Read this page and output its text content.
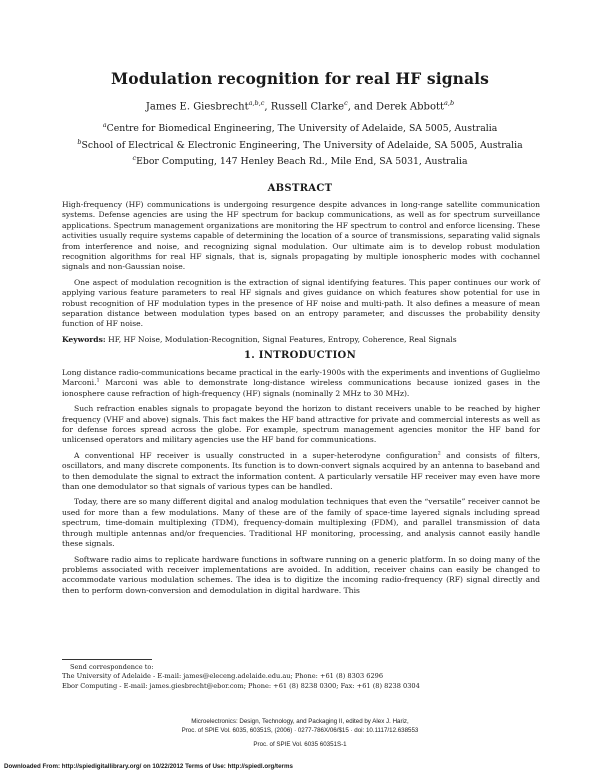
Modulation recognition for real HF signals
James E. Giesbrecht$^{a,b,c}$, Russell Clarke$^c$, and Derek Abbott$^{a,b}$
$^a$Centre for Biomedical Engineering, The University of Adelaide, SA 5005, Australia
$^b$School of Electrical & Electronic Engineering, The University of Adelaide, SA 5005, Australia
$^c$Ebor Computing, 147 Henley Beach Rd., Mile End, SA 5031, Australia
ABSTRACT

High-frequency (HF) communications is undergoing resurgence despite advances in long-range satellite communication systems. Defense agencies are using the HF spectrum for backup communications, as well as for spectrum surveillance applications. Spectrum management organizations are monitoring the HF spectrum to control and enforce licensing. These activities usually require systems capable of determining the location of a source of transmissions, separating valid signals from interference and noise, and recognizing signal modulation. Our ultimate aim is to develop robust modulation recognition algorithms for real HF signals, that is, signals propagating by multiple ionospheric modes with cochannel signals and non-Gaussian noise.

One aspect of modulation recognition is the extraction of signal identifying features. This paper continues our work of applying various feature parameters to real HF signals and gives guidance on which features show potential for use in robust recognition of HF modulation types in the presence of HF noise and multi-path. It also defines a measure of mean separation distance between modulation types based on an entropy parameter, and discusses the probability density function of HF noise.

Keywords: HF, HF Noise, Modulation-Recognition, Signal Features, Entropy, Coherence, Real Signals

1. INTRODUCTION

Long distance radio-communications became practical in the early-1900s with the experiments and inventions of Guglielmo Marconi.$^1$ Marconi was able to demonstrate long-distance wireless communications because ionized gases in the ionosphere cause refraction of high-frequency (HF) signals (nominally 2 MHz to 30 MHz).

Such refraction enables signals to propagate beyond the horizon to distant receivers unable to be reached by higher frequency (VHF and above) signals. This fact makes the HF band attractive for private and commercial interests as well as for defense forces spread across the globe. For example, spectrum management agencies monitor the HF band for unlicensed operators and military agencies use the HF band for communications.

A conventional HF receiver is usually constructed in a super-heterodyne configuration$^2$ and consists of filters, oscillators, and many discrete components. Its function is to down-convert signals acquired by an antenna to baseband and to then demodulate the signal to extract the information content. A particularly versatile HF receiver may even have more than one demodulator so that signals of various types can be handled.

Today, there are so many different digital and analog modulation techniques that even the “versatile” receiver cannot be used for more than a few modulations. Many of these are of the family of space-time layered signals including spread spectrum, time-domain multiplexing (TDM), frequency-domain multiplexing (FDM), and parallel transmission of data through multiple antennas and/or frequencies. Traditional HF monitoring, processing, and analysis cannot easily handle these signals.

Software radio aims to replicate hardware functions in software running on a generic platform. In so doing many of the problems associated with receiver implementations are avoided. In addition, receiver chains can easily be changed to accommodate various modulation schemes. The idea is to digitize the incoming radio-frequency (RF) signal directly and then to perform down-conversion and demodulation in digital hardware. This

Send correspondence to:
The University of Adelaide - E-mail: james@eleceng.adelaide.edu.au; Phone: +61 (8) 8303 6296
Ebor Computing - E-mail: james.giesbrecht@ebor.com; Phone: +61 (8) 8238 0300; Fax: +61 (8) 8238 0304
Microelectronics: Design, Technology, and Packaging II, edited by Alex J. Hariz,
Proc. of SPIE Vol. 6035, 60351S, (2006) · 0277-786X/06/$15 · doi: 10.1117/12.638553
Proc. of SPIE Vol. 6035 60351S-1
Downloaded From: http://spiedigitallibrary.org/ on 10/22/2012 Terms of Use: http://spiedl.org/terms
